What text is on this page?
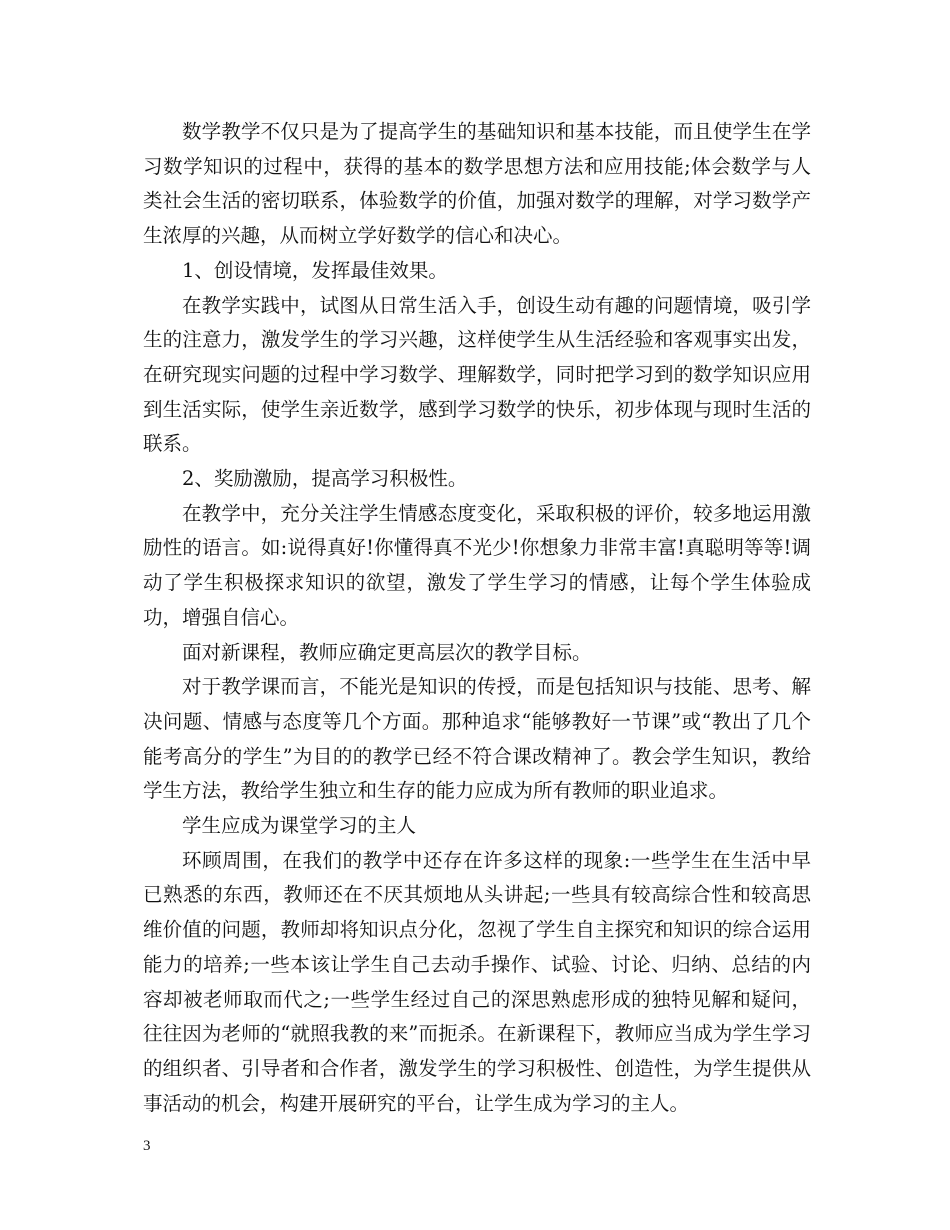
数学教学不仅只是为了提高学生的基础知识和基本技能，而且使学生在学习数学知识的过程中，获得的基本的数学思想方法和应用技能;体会数学与人类社会生活的密切联系，体验数学的价值，加强对数学的理解，对学习数学产生浓厚的兴趣，从而树立学好数学的信心和决心。

1、创设情境，发挥最佳效果。

在教学实践中，试图从日常生活入手，创设生动有趣的问题情境，吸引学生的注意力，激发学生的学习兴趣，这样使学生从生活经验和客观事实出发，在研究现实问题的过程中学习数学、理解数学，同时把学习到的数学知识应用到生活实际，使学生亲近数学，感到学习数学的快乐，初步体现与现时生活的联系。

2、奖励激励，提高学习积极性。

在教学中，充分关注学生情感态度变化，采取积极的评价，较多地运用激励性的语言。如:说得真好!你懂得真不光少!你想象力非常丰富!真聪明等等!调动了学生积极探求知识的欲望，激发了学生学习的情感，让每个学生体验成功，增强自信心。

面对新课程，教师应确定更高层次的教学目标。

对于教学课而言，不能光是知识的传授，而是包括知识与技能、思考、解决问题、情感与态度等几个方面。那种追求“能够教好一节课”或“教出了几个能考高分的学生”为目的的教学已经不符合课改精神了。教会学生知识，教给学生方法，教给学生独立和生存的能力应成为所有教师的职业追求。

学生应成为课堂学习的主人

环顾周围，在我们的教学中还存在许多这样的现象:一些学生在生活中早已熟悉的东西，教师还在不厌其烦地从头讲起;一些具有较高综合性和较高思维价值的问题，教师却将知识点分化，忽视了学生自主探究和知识的综合运用能力的培养;一些本该让学生自己去动手操作、试验、讨论、归纳、总结的内容却被老师取而代之;一些学生经过自己的深思熟虑形成的独特见解和疑问，往往因为老师的“就照我教的来”而扼杀。在新课程下，教师应当成为学生学习的组织者、引导者和合作者，激发学生的学习积极性、创造性，为学生提供从事活动的机会，构建开展研究的平台，让学生成为学习的主人。

3
